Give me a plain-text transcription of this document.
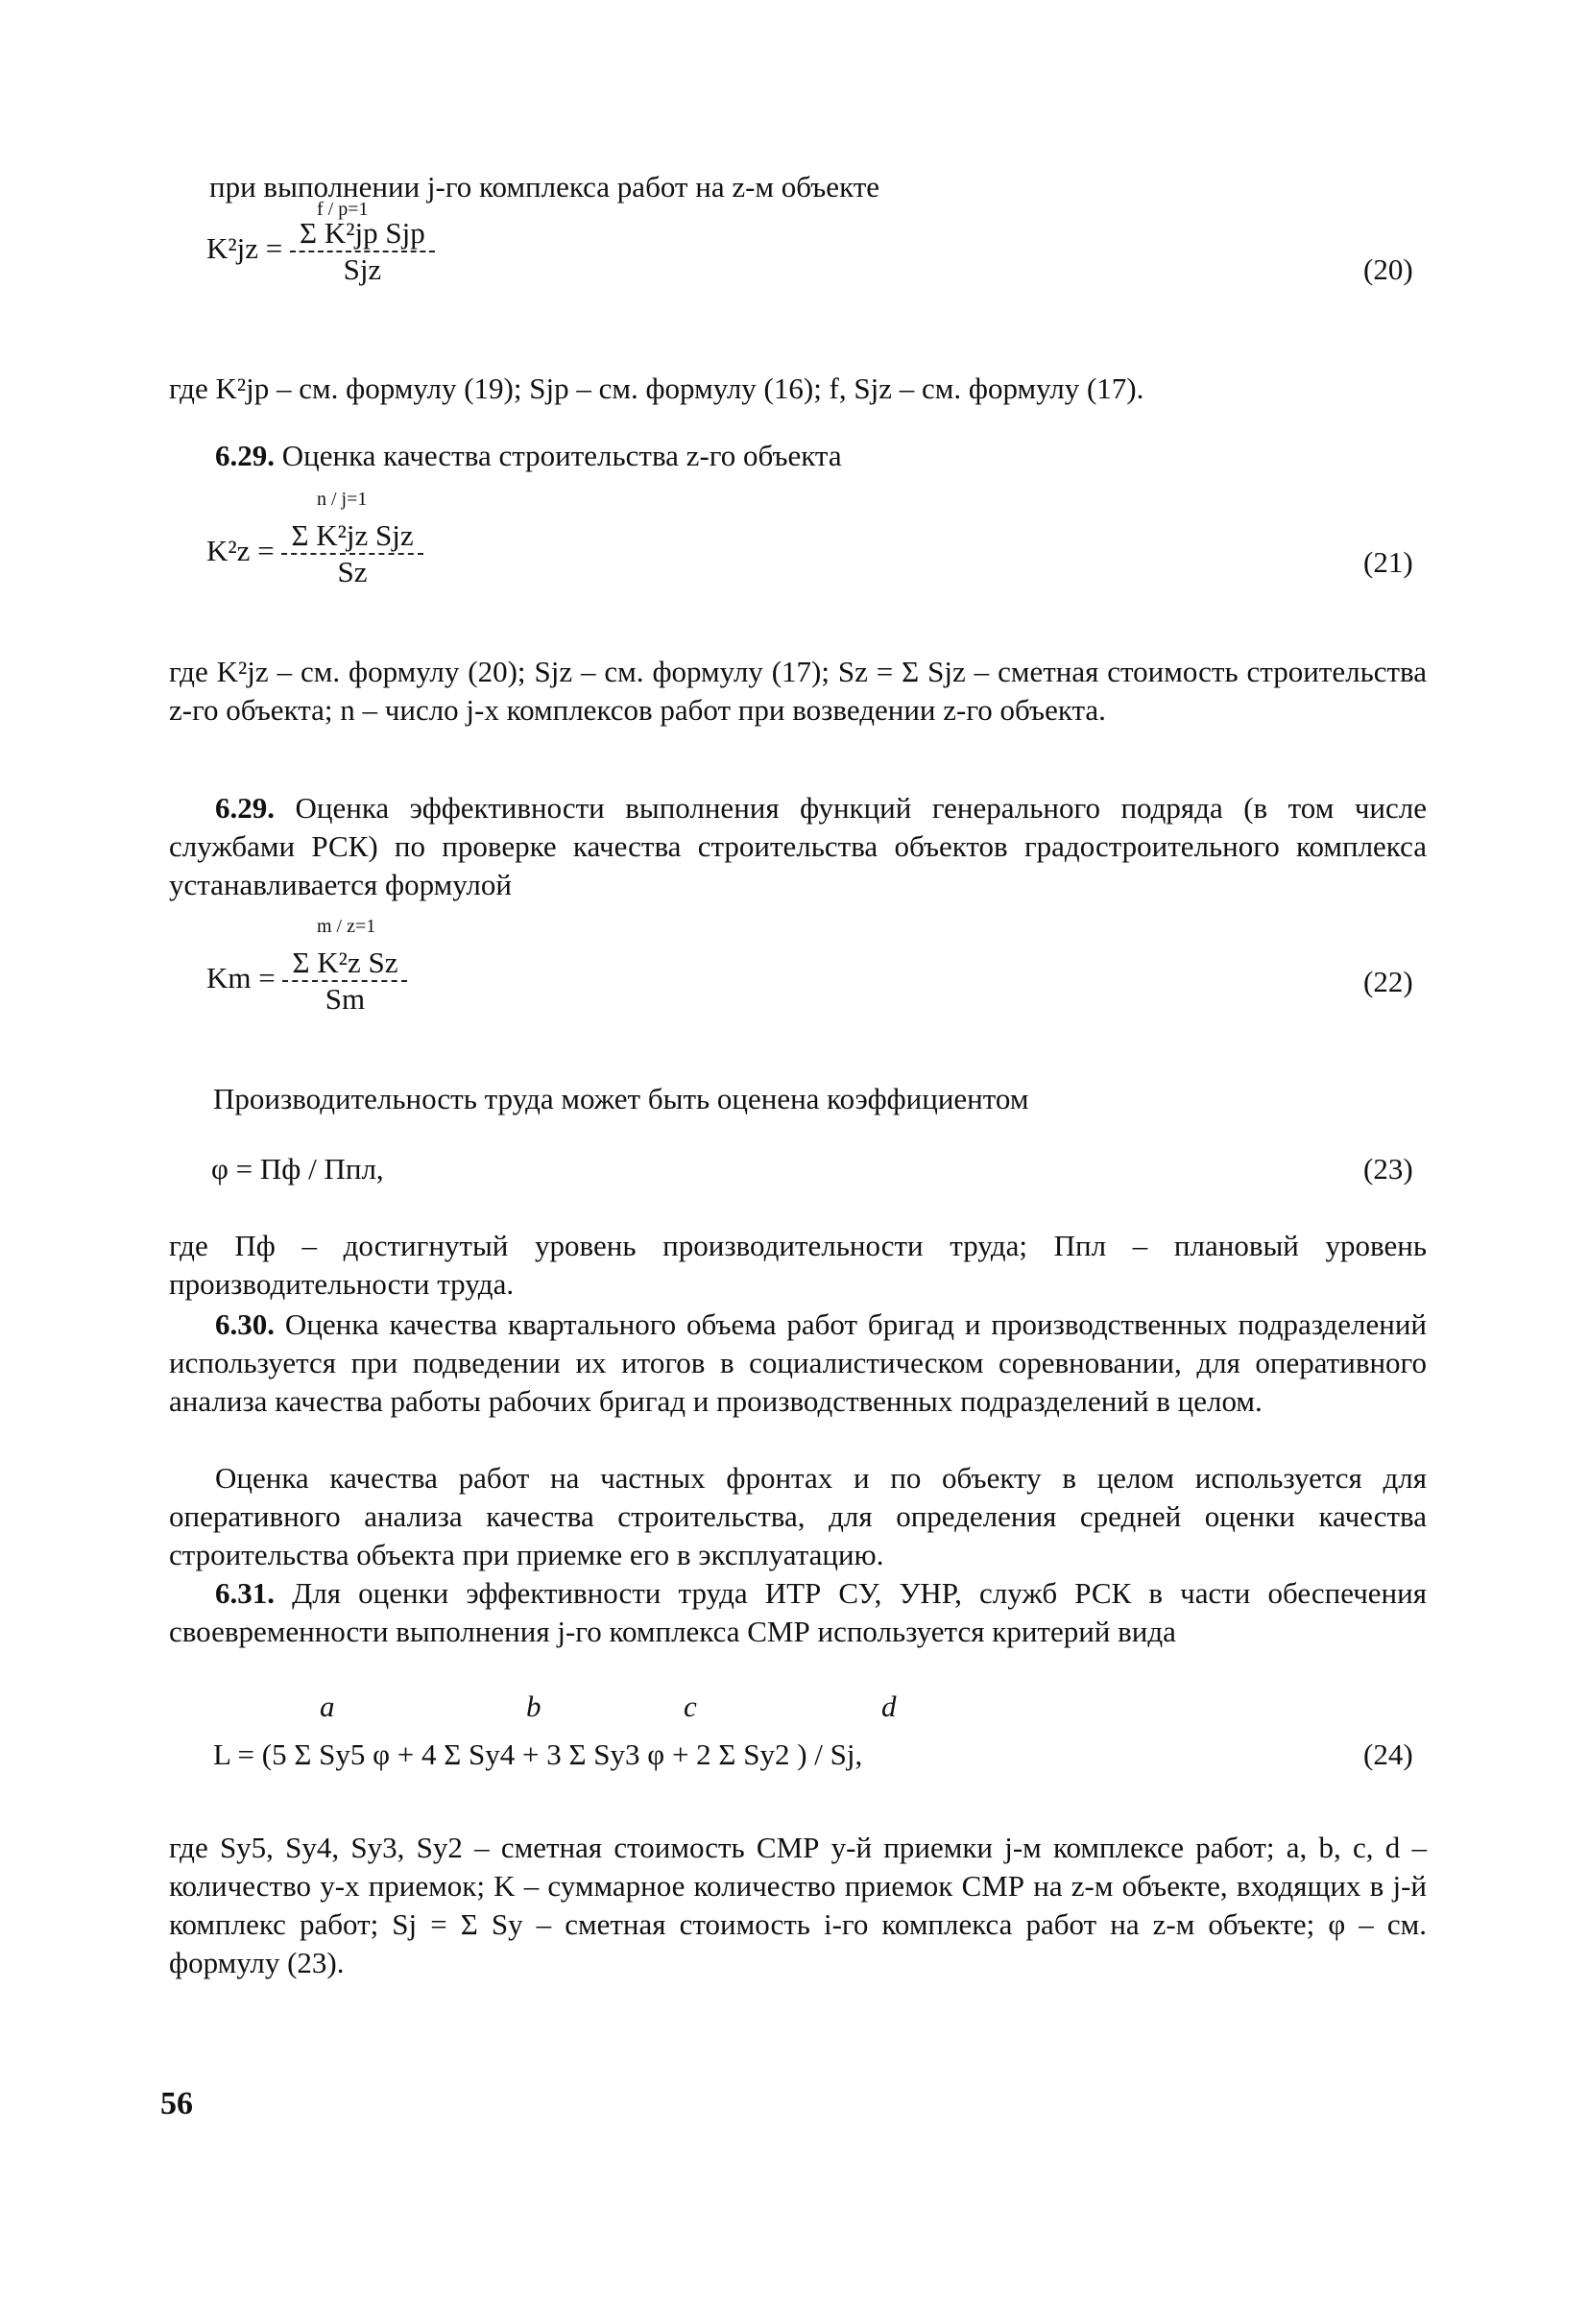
при выполнении j-го комплекса работ на z-м объекте
$K^2jz = \frac{\text{Σ K²jp Sjp}}{\text{Sjz}}$
f / p=1
(20)

где K²jp – см. формулу (19); Sjp – см. формулу (16); f, Sjz – см. формулу (17).

6.29. Оценка качества строительства z-го объекта

$K^2z = \frac{\text{Σ K²jz Sjz}}{Sz}$
n / j=1
(21)

где K²jz – см. формулу (20); Sjz – см. формулу (17); Sz = Σ Sjz – сметная стоимость строительства z-го объекта; n – число j-х комплексов работ при возведении z-го объекта.

6.29. Оценка эффективности выполнения функций генерального подряда (в том числе службами РСК) по проверке качества строительства объектов градостроительного комплекса устанавливается формулой

$Km = \frac{\text{Σ K²z Sz}}{Sm}$
m / z=1
(22)
Производительность труда может быть оценена коэффициентом
φ = Пф / Ппл,	(23)

где Пф – достигнутый уровень производительности труда; Ппл – плановый уровень производительности труда.

6.30. Оценка качества квартального объема работ бригад и производственных подразделений используется при подведении их итогов в социалистическом соревновании, для оперативного анализа качества работы рабочих бригад и производственных подразделений в целом.

Оценка качества работ на частных фронтах и по объекту в целом используется для оперативного анализа качества строительства, для определения средней оценки качества строительства объекта при приемке его в эксплуатацию.

6.31. Для оценки эффективности труда ИТР СУ, УНР, служб РСК в части обеспечения своевременности выполнения j-го комплекса СМР используется критерий вида

a	b	c	d
L = (5 Σ Sy5 φ + 4 Σ Sy4 + 3 Σ Sy3 φ + 2 Σ Sy2 ) / Sj,	(24)

где Sy5, Sy4, Sy3, Sy2 – сметная стоимость СМР y-й приемки j-м комплексе работ; a, b, c, d – количество y-х приемок; K – суммарное количество приемок СМР на z-м объекте, входящих в j-й комплекс работ; Sj = Σ Sy – сметная стоимость i-го комплекса работ на z-м объекте; φ – см. формулу (23).

56
